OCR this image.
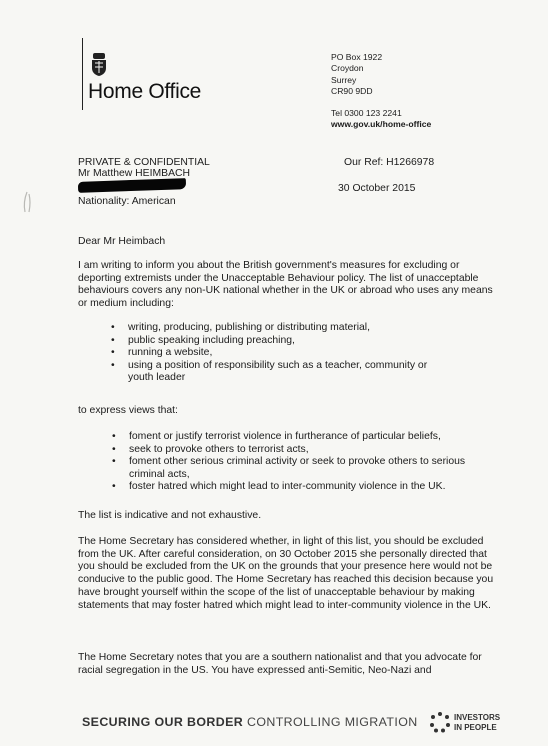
Home Office
PO Box 1922
Croydon
Surrey
CR90 9DD
Tel 0300 123 2241
www.gov.uk/home-office
PRIVATE & CONFIDENTIAL
Mr Matthew HEIMBACH
Our Ref: H1266978
30 October 2015
Nationality: American
Dear Mr Heimbach
I am writing to inform you about the British government's measures for excluding or deporting extremists under the Unacceptable Behaviour policy. The list of unacceptable behaviours covers any non-UK national whether in the UK or abroad who uses any means or medium including:
• writing, producing, publishing or distributing material,
• public speaking including preaching,
• running a website,
• using a position of responsibility such as a teacher, community or youth leader
to express views that:
• foment or justify terrorist violence in furtherance of particular beliefs,
• seek to provoke others to terrorist acts,
• foment other serious criminal activity or seek to provoke others to serious criminal acts,
• foster hatred which might lead to inter-community violence in the UK.
The list is indicative and not exhaustive.
The Home Secretary has considered whether, in light of this list, you should be excluded from the UK. After careful consideration, on 30 October 2015 she personally directed that you should be excluded from the UK on the grounds that your presence here would not be conducive to the public good. The Home Secretary has reached this decision because you have brought yourself within the scope of the list of unacceptable behaviour by making statements that may foster hatred which might lead to inter-community violence in the UK.
The Home Secretary notes that you are a southern nationalist and that you advocate for racial segregation in the US. You have expressed anti-Semitic, Neo-Nazi and
SECURING OUR BORDER CONTROLLING MIGRATION	INVESTORS
IN PEOPLE
